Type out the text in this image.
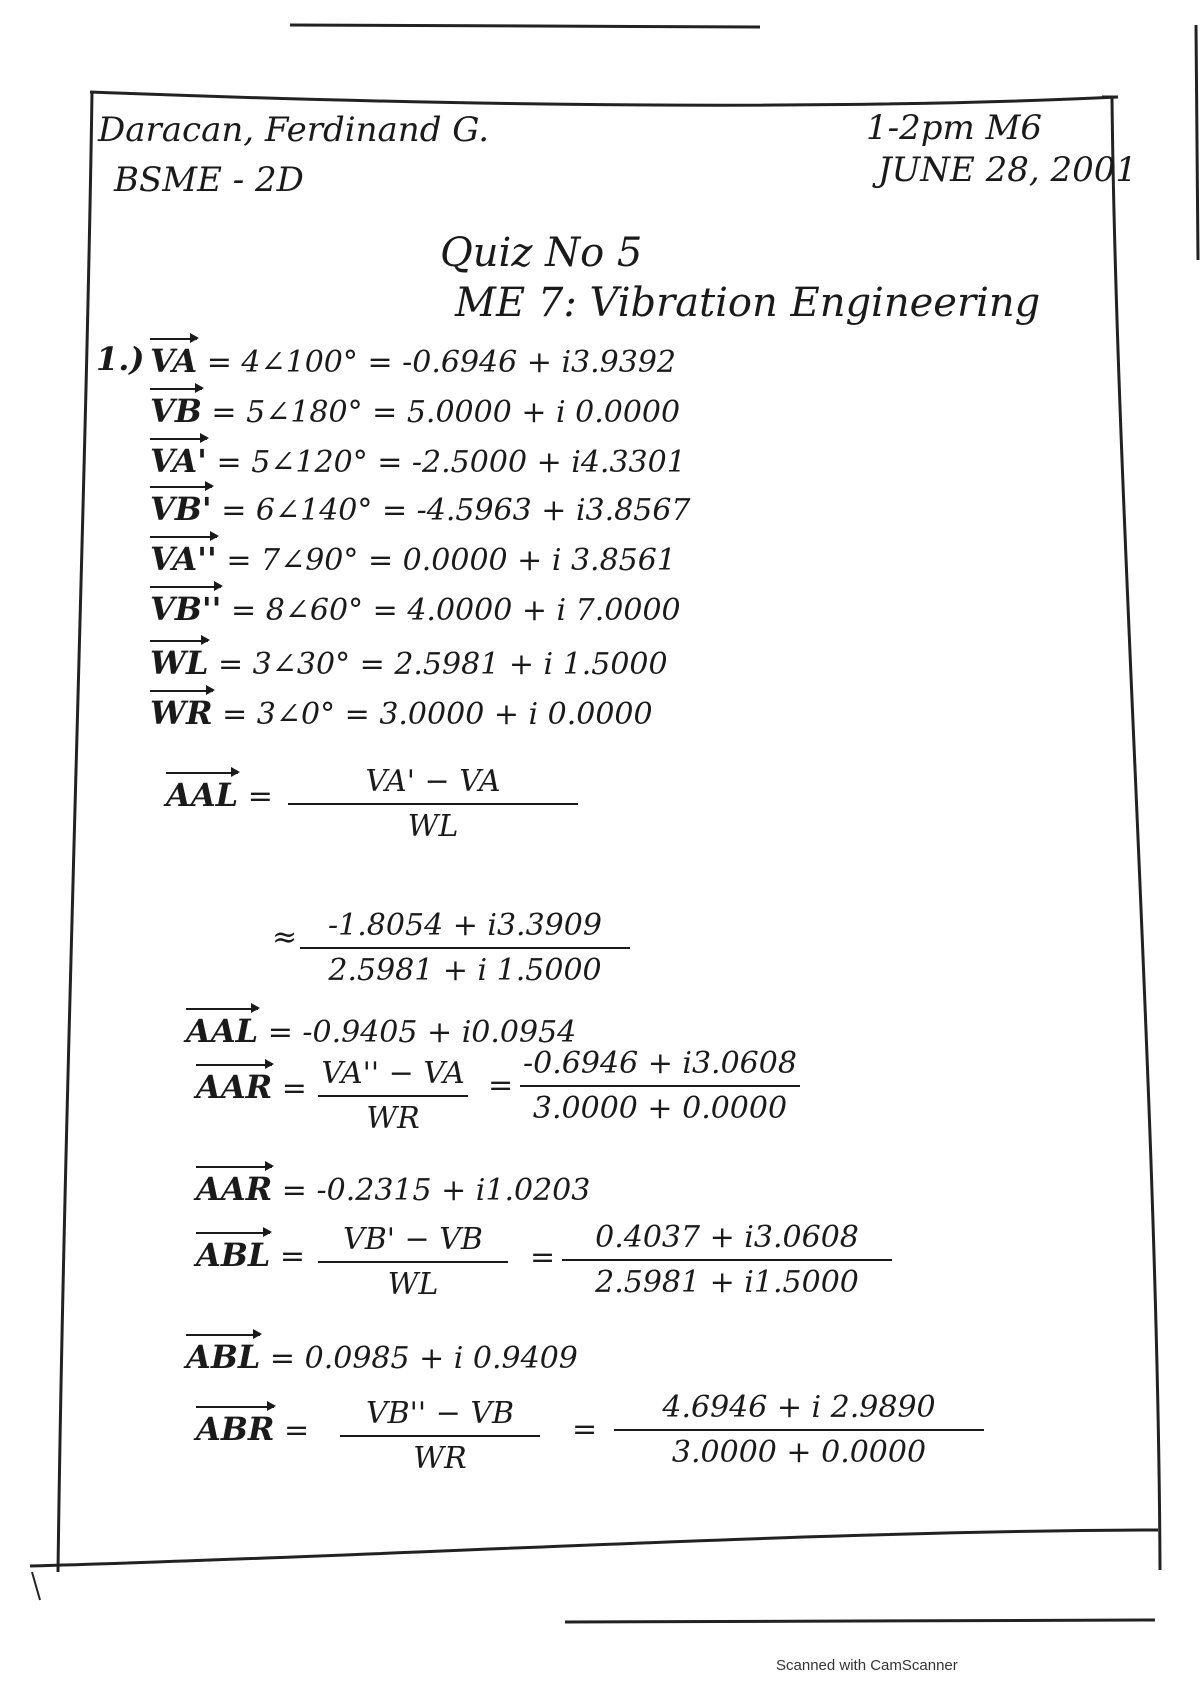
Daracan, Ferdinand G.
BSME - 2D
1-2pm M6
JUNE 28, 2001
Quiz No 5
ME 7: Vibration Engineering
1.) VA = 4∠100° = -0.6946 + i3.9392
VB = 5∠180° = 5.0000 + i 0.0000
VA' = 5∠120° = -2.5000 + i4.3301
VB' = 6∠140° = -4.5963 + i3.8567
VA'' = 7∠90° = 0.0000 + i 3.8561
VB'' = 8∠60° = 4.0000 + i 7.0000
WL = 3∠30° = 2.5981 + i 1.5000
WR = 3∠0° = 3.0000 + i 0.0000
AAL =	VA' − VA
WL
≈ -1.8054 + i3.3909
2.5981 + i 1.5000
AAL = -0.9405 + i0.0954
AAR = VA'' − VA
WR
=
-0.6946 + i3.0608
3.0000 + 0.0000
AAR = -0.2315 + i1.0203
ABL = VB' − VB
WL
=
0.4037 + i3.0608
2.5981 + i1.5000
ABL = 0.0985 + i 0.9409
ABR = VB'' − VB
WR
=
4.6946 + i 2.9890
3.0000 + 0.0000
Scanned with CamScanner
